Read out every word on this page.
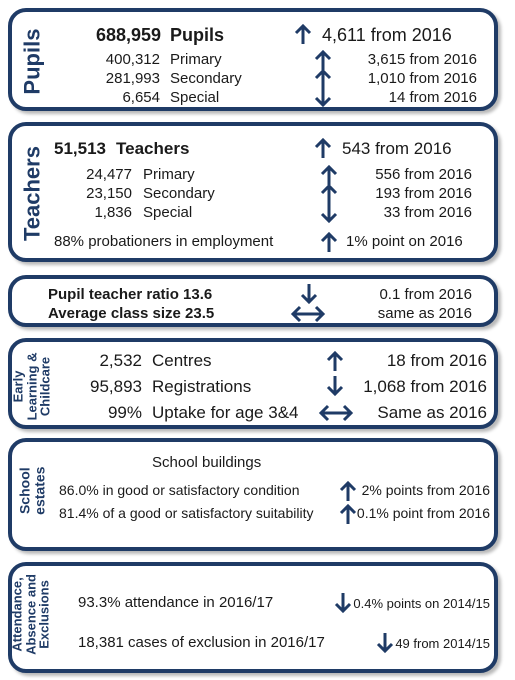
Pupils	688,959 Pupils	4,611 from 2016
400,312 Primary	3,615 from 2016
281,993 Secondary	1,010 from 2016
6,654 Special	14 from 2016
Teachers 51,513 Teachers	543 from 2016
24,477 Primary	556 from 2016
23,150 Secondary	193 from 2016
1,836 Special	33 from 2016
88% probationers in employment	1% point on 2016
Pupil teacher ratio 13.6	0.1 from 2016
Average class size 23.5	same as 2016
Early
Learning &
Childcare	2,532 Centres	18 from 2016
95,893 Registrations	1,068 from 2016
99% Uptake for age 3&4	Same as 2016
School
estates
School buildings
86.0% in good or satisfactory condition	2% points from 2016
81.4% of a good or satisfactory suitability	0.1% point from 2016
Attendance,
Absence and
Exclusions 93.3% attendance in 2016/17	0.4% points on 2014/15
18,381 cases of exclusion in 2016/17	49 from 2014/15
